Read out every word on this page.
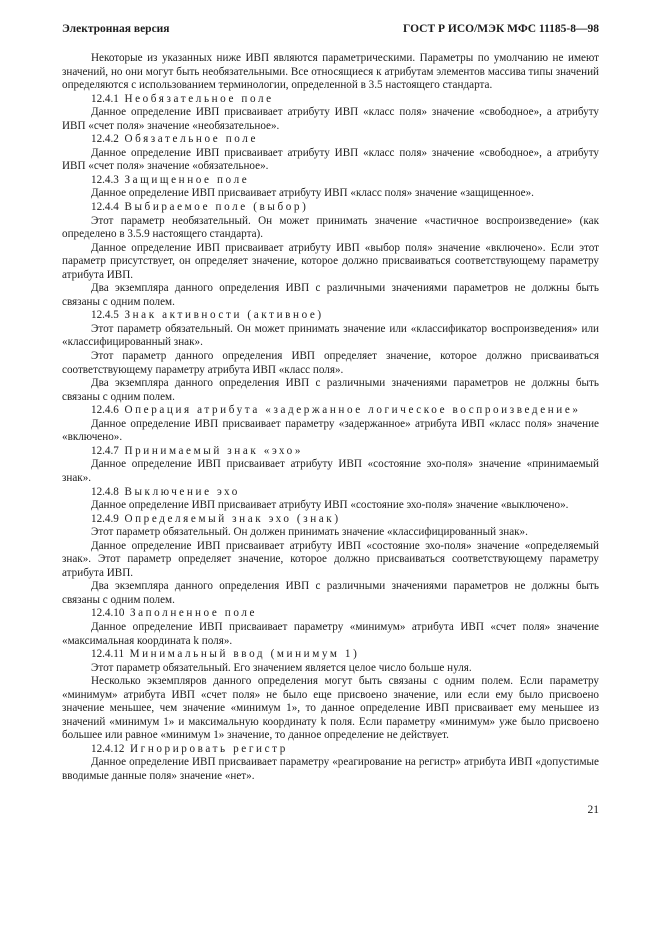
Электронная версия	ГОСТ Р ИСО/МЭК МФС 11185-8—98

Некоторые из указанных ниже ИВП являются параметрическими. Параметры по умолчанию не имеют значений, но они могут быть необязательными. Все относящиеся к атрибутам элементов массива типы значений определяются с использованием терминологии, определенной в 3.5 настоящего стандарта.

12.4.1  Необязательное поле

Данное определение ИВП присваивает атрибуту ИВП «класс поля» значение «свободное», а атрибуту ИВП «счет поля» значение «необязательное».

12.4.2  Обязательное поле

Данное определение ИВП присваивает атрибуту ИВП «класс поля» значение «свободное», а атрибуту ИВП «счет поля» значение «обязательное».

12.4.3  Защищенное поле

Данное определение ИВП присваивает атрибуту ИВП «класс поля» значение «защищенное».

12.4.4  Выбираемое поле (выбор)

Этот параметр необязательный. Он может принимать значение «частичное воспроизведение» (как определено в 3.5.9 настоящего стандарта).

Данное определение ИВП присваивает атрибуту ИВП «выбор поля» значение «включено». Если этот параметр присутствует, он определяет значение, которое должно присваиваться соответствующему параметру атрибута ИВП.

Два экземпляра данного определения ИВП с различными значениями параметров не должны быть связаны с одним полем.

12.4.5  Знак активности (активное)

Этот параметр обязательный. Он может принимать значение или «классификатор воспроизведения» или «классифицированный знак».

Этот параметр данного определения ИВП определяет значение, которое должно присваиваться соответствующему параметру атрибута ИВП «класс поля».

Два экземпляра данного определения ИВП с различными значениями параметров не должны быть связаны с одним полем.

12.4.6  Операция атрибута «задержанное логическое воспроизведение»

Данное определение ИВП присваивает параметру «задержанное» атрибута ИВП «класс поля» значение «включено».

12.4.7  Принимаемый знак «эхо»

Данное определение ИВП присваивает атрибуту ИВП «состояние эхо-поля» значение «принимаемый знак».

12.4.8  Выключение эхо

Данное определение ИВП присваивает атрибуту ИВП «состояние эхо-поля» значение «выключено».

12.4.9  Определяемый знак эхо (знак)

Этот параметр обязательный. Он должен принимать значение «классифицированный знак».

Данное определение ИВП присваивает атрибуту ИВП «состояние эхо-поля» значение «определяемый знак». Этот параметр определяет значение, которое должно присваиваться соответствующему параметру атрибута ИВП.

Два экземпляра данного определения ИВП с различными значениями параметров не должны быть связаны с одним полем.

12.4.10  Заполненное поле

Данное определение ИВП присваивает параметру «минимум» атрибута ИВП «счет поля» значение «максимальная координата k поля».

12.4.11  Минимальный ввод (минимум 1)

Этот параметр обязательный. Его значением является целое число больше нуля.

Несколько экземпляров данного определения могут быть связаны с одним полем. Если параметру «минимум» атрибута ИВП «счет поля» не было еще присвоено значение, или если ему было присвоено значение меньшее, чем значение «минимум 1», то данное определение ИВП присваивает ему меньшее из значений «минимум 1» и максимальную координату k поля. Если параметру «минимум» уже было присвоено большее или равное «минимум 1» значение, то данное определение не действует.

12.4.12  Игнорировать регистр

Данное определение ИВП присваивает параметру «реагирование на регистр» атрибута ИВП «допустимые вводимые данные поля» значение «нет».

21
